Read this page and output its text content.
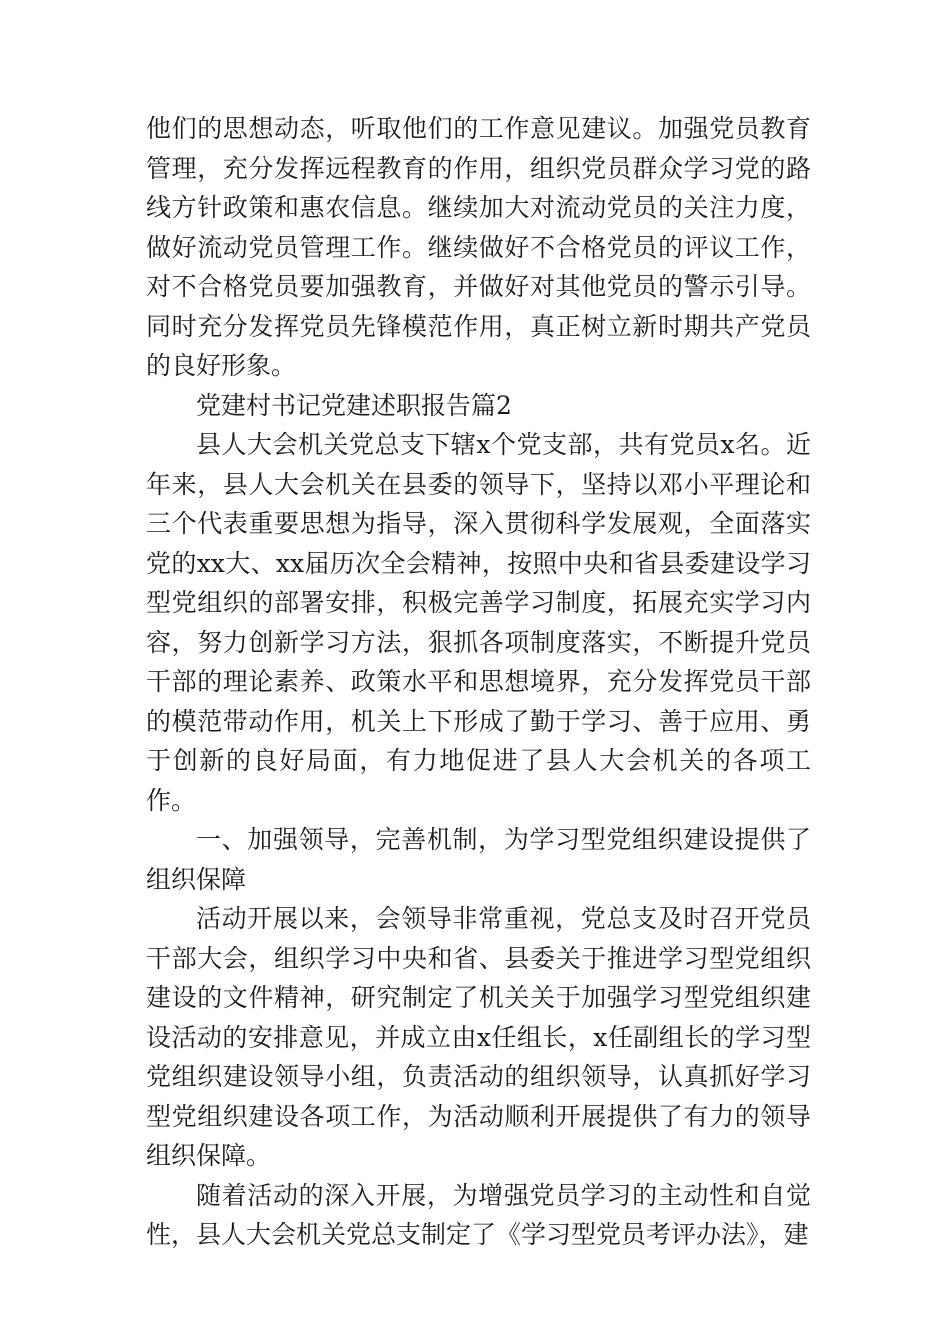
他们的思想动态，听取他们的工作意见建议。加强党员教育管理，充分发挥远程教育的作用，组织党员群众学习党的路线方针政策和惠农信息。继续加大对流动党员的关注力度，做好流动党员管理工作。继续做好不合格党员的评议工作，对不合格党员要加强教育，并做好对其他党员的警示引导。同时充分发挥党员先锋模范作用，真正树立新时期共产党员的良好形象。

党建村书记党建述职报告篇2

县人大会机关党总支下辖x个党支部，共有党员x名。近年来，县人大会机关在县委的领导下，坚持以邓小平理论和三个代表重要思想为指导，深入贯彻科学发展观，全面落实党的xx大、xx届历次全会精神，按照中央和省县委建设学习型党组织的部署安排，积极完善学习制度，拓展充实学习内容，努力创新学习方法，狠抓各项制度落实，不断提升党员干部的理论素养、政策水平和思想境界，充分发挥党员干部的模范带动作用，机关上下形成了勤于学习、善于应用、勇于创新的良好局面，有力地促进了县人大会机关的各项工作。

一、加强领导，完善机制，为学习型党组织建设提供了组织保障

活动开展以来，会领导非常重视，党总支及时召开党员干部大会，组织学习中央和省、县委关于推进学习型党组织建设的文件精神，研究制定了机关关于加强学习型党组织建设活动的安排意见，并成立由x任组长，x任副组长的学习型党组织建设领导小组，负责活动的组织领导，认真抓好学习型党组织建设各项工作，为活动顺利开展提供了有力的领导组织保障。

随着活动的深入开展，为增强党员学习的主动性和自觉性，县人大会机关党总支制定了《学习型党员考评办法》，建
